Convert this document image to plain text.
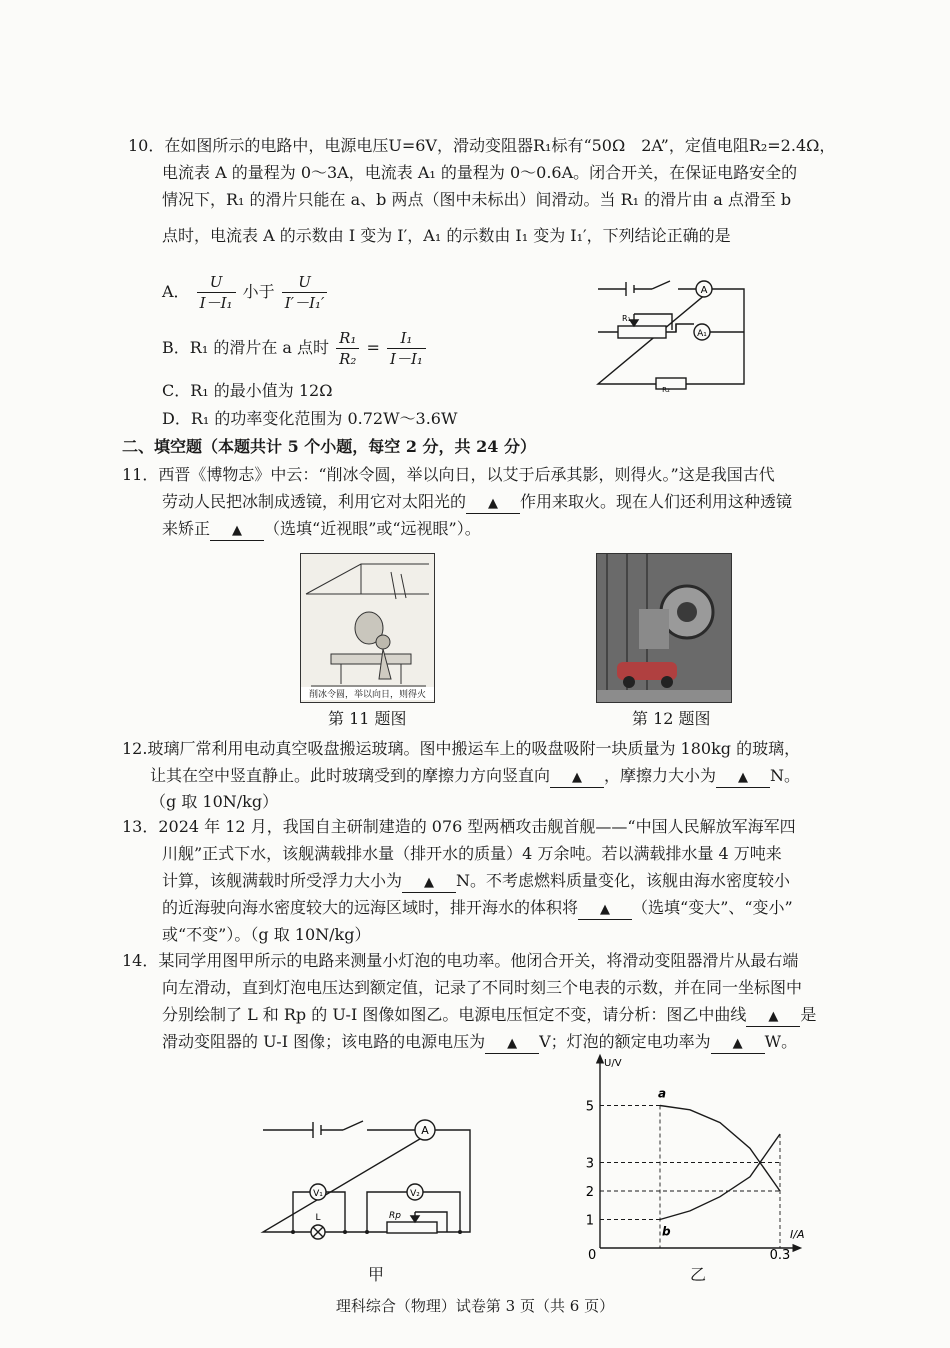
10．在如图所示的电路中，电源电压U=6V，滑动变阻器R₁标有“50Ω　2A”，定值电阻R₂=2.4Ω，
电流表 A 的量程为 0～3A，电流表 A₁ 的量程为 0～0.6A。闭合开关，在保证电路安全的
情况下，R₁ 的滑片只能在 a、b 两点（图中未标出）间滑动。当 R₁ 的滑片由 a 点滑至 b
点时，电流表 A 的示数由 I 变为 I′，A₁ 的示数由 I₁ 变为 I₁′，下列结论正确的是
A． $\frac{U}{\text{I－I₁}}$ 小于 $\frac{U}{\text{I′－I₁′}}$
B．R₁ 的滑片在 a 点时 $\frac{\text{R₁}}{\text{R₂}} = \frac{\text{I₁}}{\text{I－I₁}}$
C．R₁ 的最小值为 12Ω
D．R₁ 的功率变化范围为 0.72W～3.6W
A
A₁
R₁
R₂
二、填空题（本题共计 5 个小题，每空 2 分，共 24 分）
11．西晋《博物志》中云：“削冰令圆，举以向日，以艾于后承其影，则得火。”这是我国古代
劳动人民把冰制成透镜，利用它对太阳光的 ▲ 作用来取火。现在人们还利用这种透镜
来矫正 ▲ （选填“近视眼”或“远视眼”）。
削冰令圆，举以向日，则得火
第 11 题图	第 12 题图
12.玻璃厂常利用电动真空吸盘搬运玻璃。图中搬运车上的吸盘吸附一块质量为 180kg 的玻璃，
让其在空中竖直静止。此时玻璃受到的摩擦力方向竖直向 ▲ ，摩擦力大小为 ▲ N。
（g 取 10N/kg）
13．2024 年 12 月，我国自主研制建造的 076 型两栖攻击舰首舰——“中国人民解放军海军四
川舰”正式下水，该舰满载排水量（排开水的质量）4 万余吨。若以满载排水量 4 万吨来
计算，该舰满载时所受浮力大小为 ▲ N。不考虑燃料质量变化，该舰由海水密度较小
的近海驶向海水密度较大的远海区域时，排开海水的体积将 ▲ （选填“变大”、“变小”
或“不变”）。（g 取 10N/kg）
14．某同学用图甲所示的电路来测量小灯泡的电功率。他闭合开关，将滑动变阻器滑片从最右端
向左滑动，直到灯泡电压达到额定值，记录了不同时刻三个电表的示数，并在同一坐标图中
分别绘制了 L 和 Rp 的 U-I 图像如图乙。电源电压恒定不变，请分析：图乙中曲线 ▲ 是
滑动变阻器的 U-I 图像；该电路的电源电压为 ▲ V；灯泡的额定电功率为 ▲ W。
A
V₁	V₂
L	Rp
甲
U/V
I/A
5
3
2
1
0	0.3
a
b
乙
理科综合（物理）试卷第 3 页（共 6 页）
